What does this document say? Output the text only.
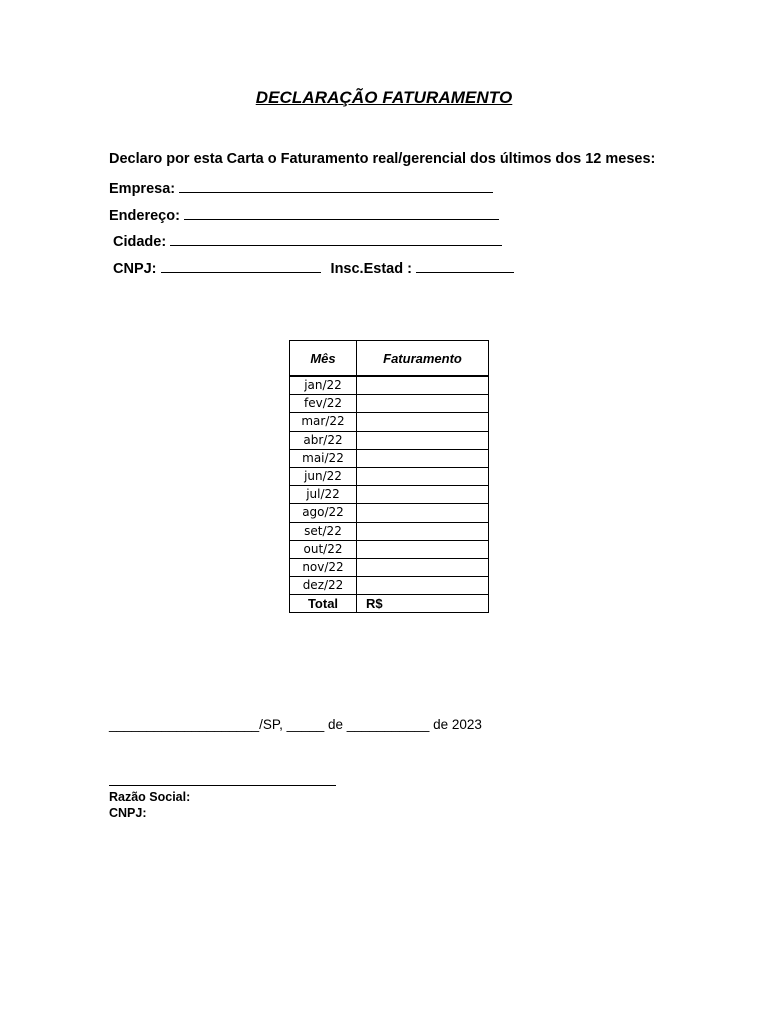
DECLARAÇÃO FATURAMENTO
Declaro por esta Carta o Faturamento real/gerencial dos últimos dos 12 meses:
Empresa:
Endereço:
Cidade:
CNPJ:	Insc.Estad :
Mês	Faturamento
jan/22	
fev/22	
mar/22	
abr/22	
mai/22	
jun/22	
jul/22	
ago/22	
set/22	
out/22	
nov/22	
dez/22	
Total	R$
____________________/SP, _____ de ___________ de 2023
Razão Social:
CNPJ:
